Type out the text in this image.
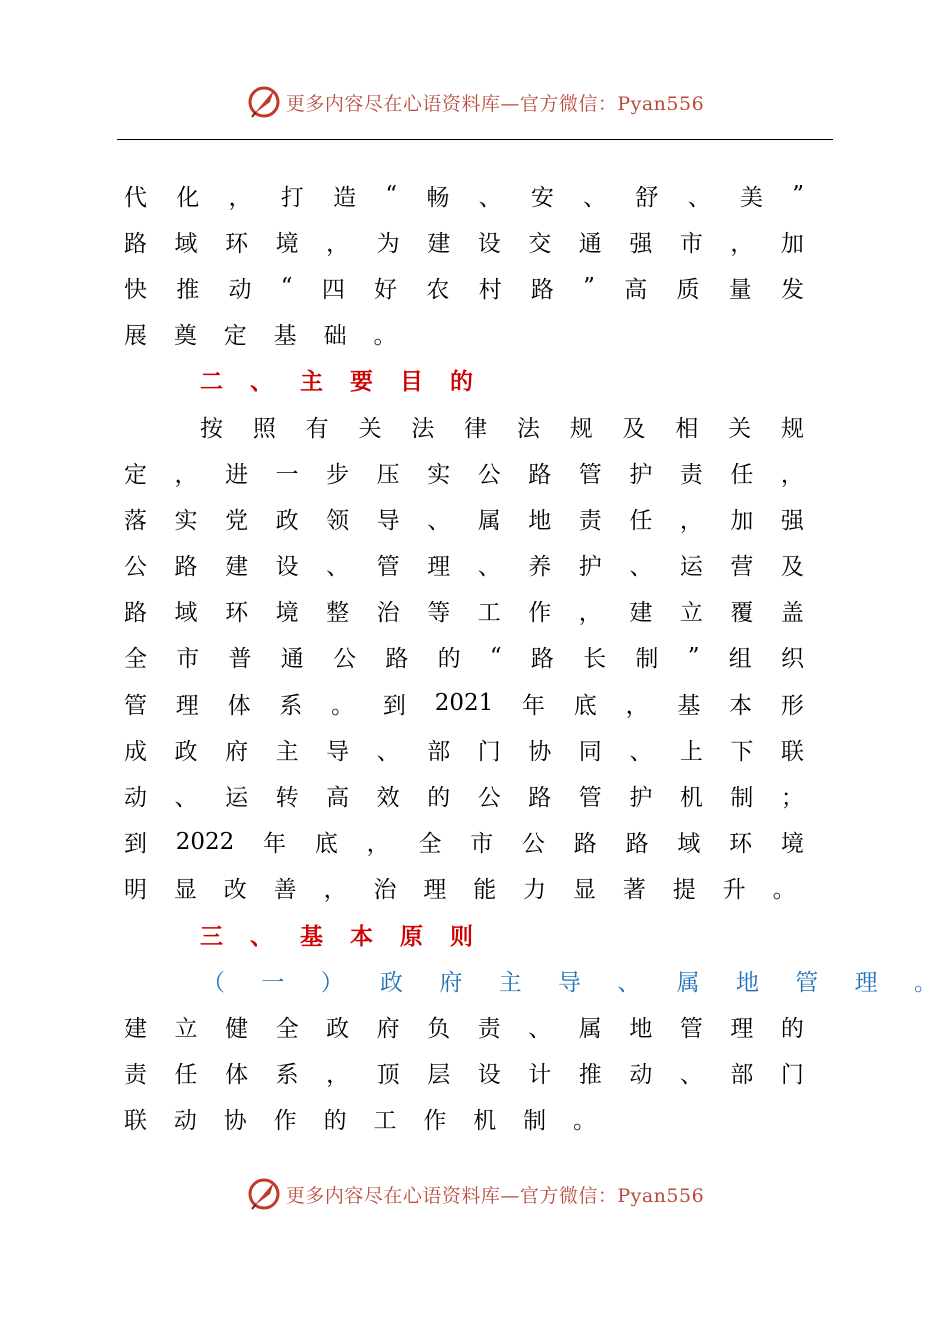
更多内容尽在心语资料库—官方微信：Pyan556
代 化 ， 打 造 “ 畅 、 安 、 舒 、 美 ”
路 域 环 境 ， 为 建 设 交 通 强 市 ， 加
快 推 动 “ 四 好 农 村 路 ” 高 质 量 发
展 奠 定 基 础 。
二 、 主 要 目 的
按 照 有 关 法 律 法 规 及 相 关 规
定 ， 进 一 步 压 实 公 路 管 护 责 任 ，
落 实 党 政 领 导 、 属 地 责 任 ， 加 强
公 路 建 设 、 管 理 、 养 护 、 运 营 及
路 域 环 境 整 治 等 工 作 ， 建 立 覆 盖
全 市 普 通 公 路 的 “ 路 长 制 ” 组 织
管 理 体 系 。 到 2021 年 底 ， 基 本 形
成 政 府 主 导 、 部 门 协 同 、 上 下 联
动 、 运 转 高 效 的 公 路 管 护 机 制 ；
到 2022 年 底 ， 全 市 公 路 路 域 环 境
明 显 改 善 ， 治 理 能 力 显 著 提 升 。
三 、 基 本 原 则
（ 一 ） 政 府 主 导 、 属 地 管 理 。
建 立 健 全 政 府 负 责 、 属 地 管 理 的
责 任 体 系 ， 顶 层 设 计 推 动 、 部 门
联 动 协 作 的 工 作 机 制 。
更多内容尽在心语资料库—官方微信：Pyan556
